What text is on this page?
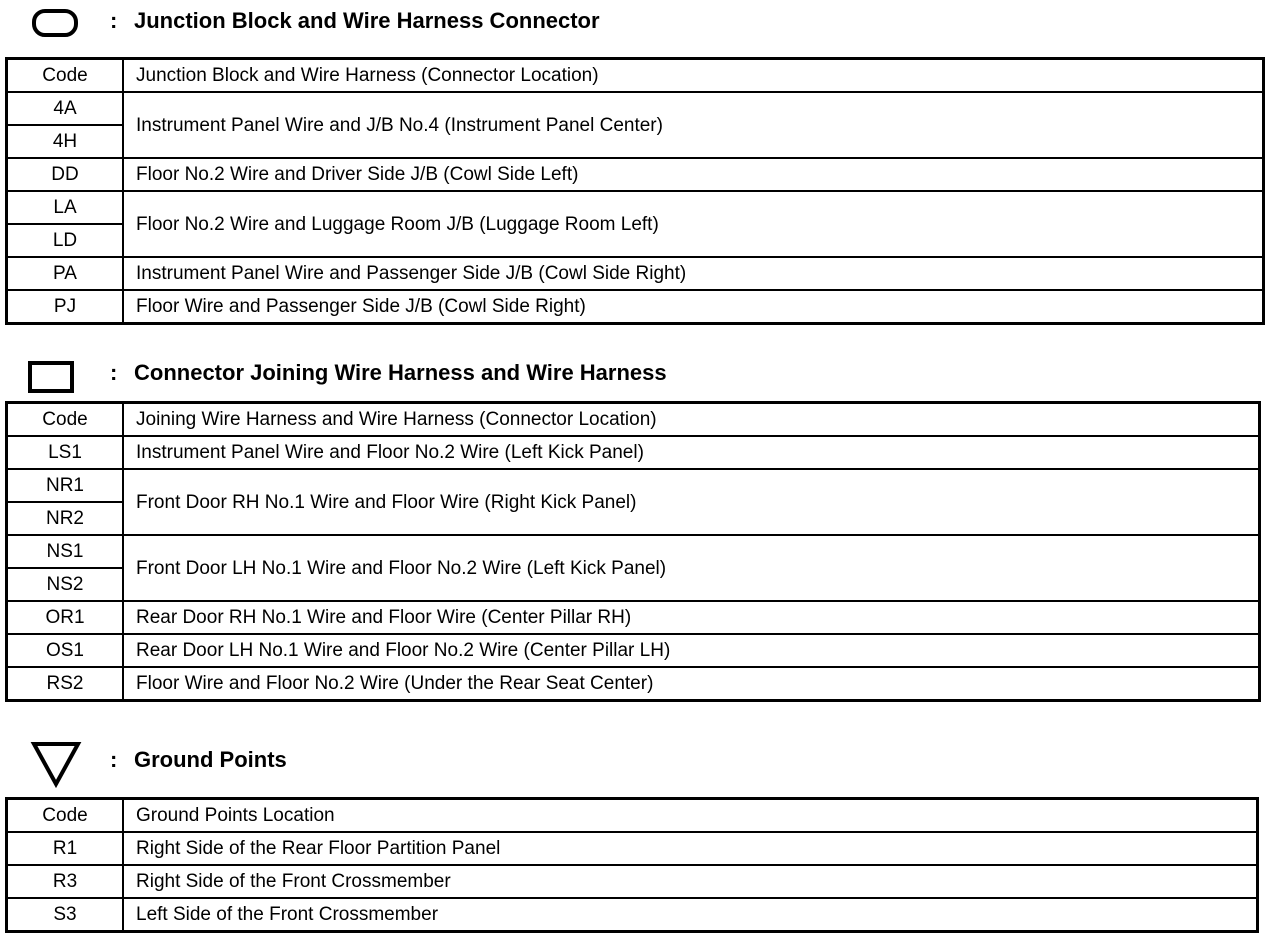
: Junction Block and Wire Harness Connector
Code	Junction Block and Wire Harness (Connector Location)
4A	Instrument Panel Wire and J/B No.4 (Instrument Panel Center)
4H	
DD	Floor No.2 Wire and Driver Side J/B (Cowl Side Left)
LA	Floor No.2 Wire and Luggage Room J/B (Luggage Room Left)
LD	
PA	Instrument Panel Wire and Passenger Side J/B (Cowl Side Right)
PJ	Floor Wire and Passenger Side J/B (Cowl Side Right)
: Connector Joining Wire Harness and Wire Harness
Code	Joining Wire Harness and Wire Harness (Connector Location)
LS1	Instrument Panel Wire and Floor No.2 Wire (Left Kick Panel)
NR1	Front Door RH No.1 Wire and Floor Wire (Right Kick Panel)
NR2	
NS1	Front Door LH No.1 Wire and Floor No.2 Wire (Left Kick Panel)
NS2	
OR1	Rear Door RH No.1 Wire and Floor Wire (Center Pillar RH)
OS1	Rear Door LH No.1 Wire and Floor No.2 Wire (Center Pillar LH)
RS2	Floor Wire and Floor No.2 Wire (Under the Rear Seat Center)
: Ground Points
Code	Ground Points Location
R1	Right Side of the Rear Floor Partition Panel
R3	Right Side of the Front Crossmember
S3	Left Side of the Front Crossmember
